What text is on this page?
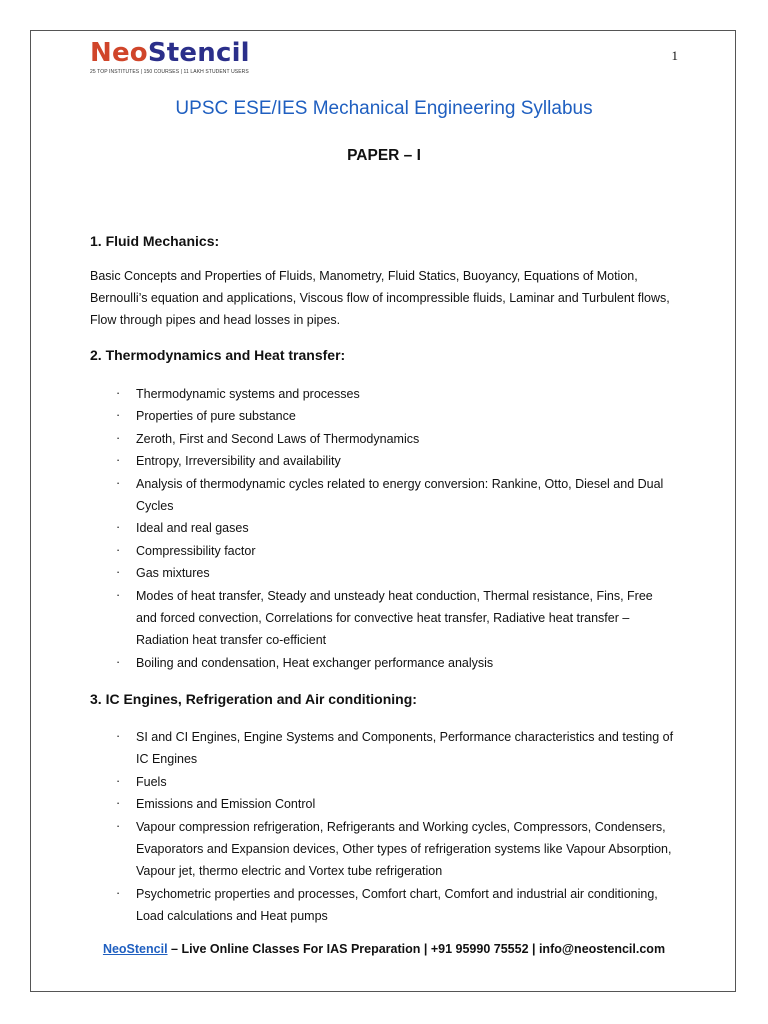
NeoStencil
25 TOP INSTITUTES | 150 COURSES | 11 LAKH STUDENT USERS
1
UPSC ESE/IES Mechanical Engineering Syllabus
PAPER – I
1. Fluid Mechanics:
Basic Concepts and Properties of Fluids, Manometry, Fluid Statics, Buoyancy, Equations of Motion, Bernoulli’s equation and applications, Viscous flow of incompressible fluids, Laminar and Turbulent flows, Flow through pipes and head losses in pipes.
2. Thermodynamics and Heat transfer:
· Thermodynamic systems and processes
· Properties of pure substance
· Zeroth, First and Second Laws of Thermodynamics
· Entropy, Irreversibility and availability
· Analysis of thermodynamic cycles related to energy conversion: Rankine, Otto, Diesel and Dual Cycles
· Ideal and real gases
· Compressibility factor
· Gas mixtures
· Modes of heat transfer, Steady and unsteady heat conduction, Thermal resistance, Fins, Free and forced convection, Correlations for convective heat transfer, Radiative heat transfer – Radiation heat transfer co-efficient
· Boiling and condensation, Heat exchanger performance analysis
3. IC Engines, Refrigeration and Air conditioning:
· SI and CI Engines, Engine Systems and Components, Performance characteristics and testing of IC Engines
· Fuels
· Emissions and Emission Control
· Vapour compression refrigeration, Refrigerants and Working cycles, Compressors, Condensers, Evaporators and Expansion devices, Other types of refrigeration systems like Vapour Absorption, Vapour jet, thermo electric and Vortex tube refrigeration
· Psychometric properties and processes, Comfort chart, Comfort and industrial air conditioning, Load calculations and Heat pumps
NeoStencil – Live Online Classes For IAS Preparation | +91 95990 75552 | info@neostencil.com
